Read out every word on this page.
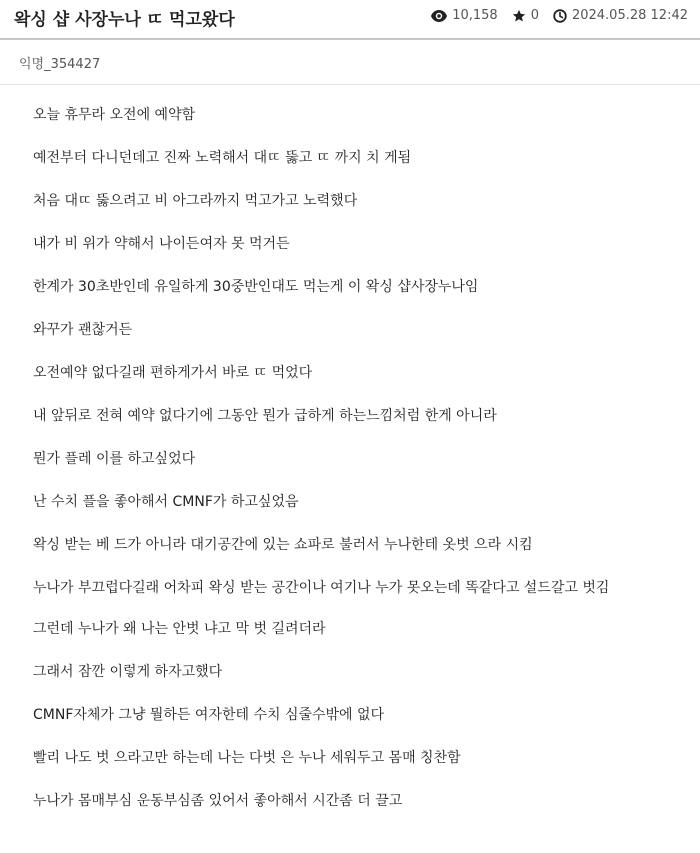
왁싱 샵 사장누나 ㄸ 먹고왔다	10,158	0	2024.05.28 12:42
익명_354427

오늘 휴무라 오전에 예약함

예전부터 다니던데고 진짜 노력해서 대ㄸ 뚫고 ㄸ 까지 치 게됨

처음 대ㄸ 뚫으려고 비 아그라까지 먹고가고 노력했다

내가 비 위가 약해서 나이든여자 못 먹거든

한계가 30초반인데 유일하게 30중반인대도 먹는게 이 왁싱 샵사장누나임

와꾸가 괜찮거든

오전예약 없다길래 편하게가서 바로 ㄸ 먹었다

내 앞뒤로 전혀 예약 없다기에 그동안 뭔가 급하게 하는느낌처럼 한게 아니라

뭔가 플레 이를 하고싶었다

난 수치 플을 좋아해서 CMNF가 하고싶었음

왁싱 받는 베 드가 아니라 대기공간에 있는 쇼파로 불러서 누나한테 옷벗 으라 시킴

누나가 부끄럽다길래 어차피 왁싱 받는 공간이나 여기나 누가 못오는데 똑같다고 설드갈고 벗김

그런데 누나가 왜 나는 안벗 냐고 막 벗 길려더라

그래서 잠깐 이렇게 하자고했다

CMNF자체가 그냥 뭘하든 여자한테 수치 심줄수밖에 없다

빨리 나도 벗 으라고만 하는데 나는 다벗 은 누나 세워두고 몸매 칭찬함

누나가 몸매부심 운동부심좀 있어서 좋아해서 시간좀 더 끌고
